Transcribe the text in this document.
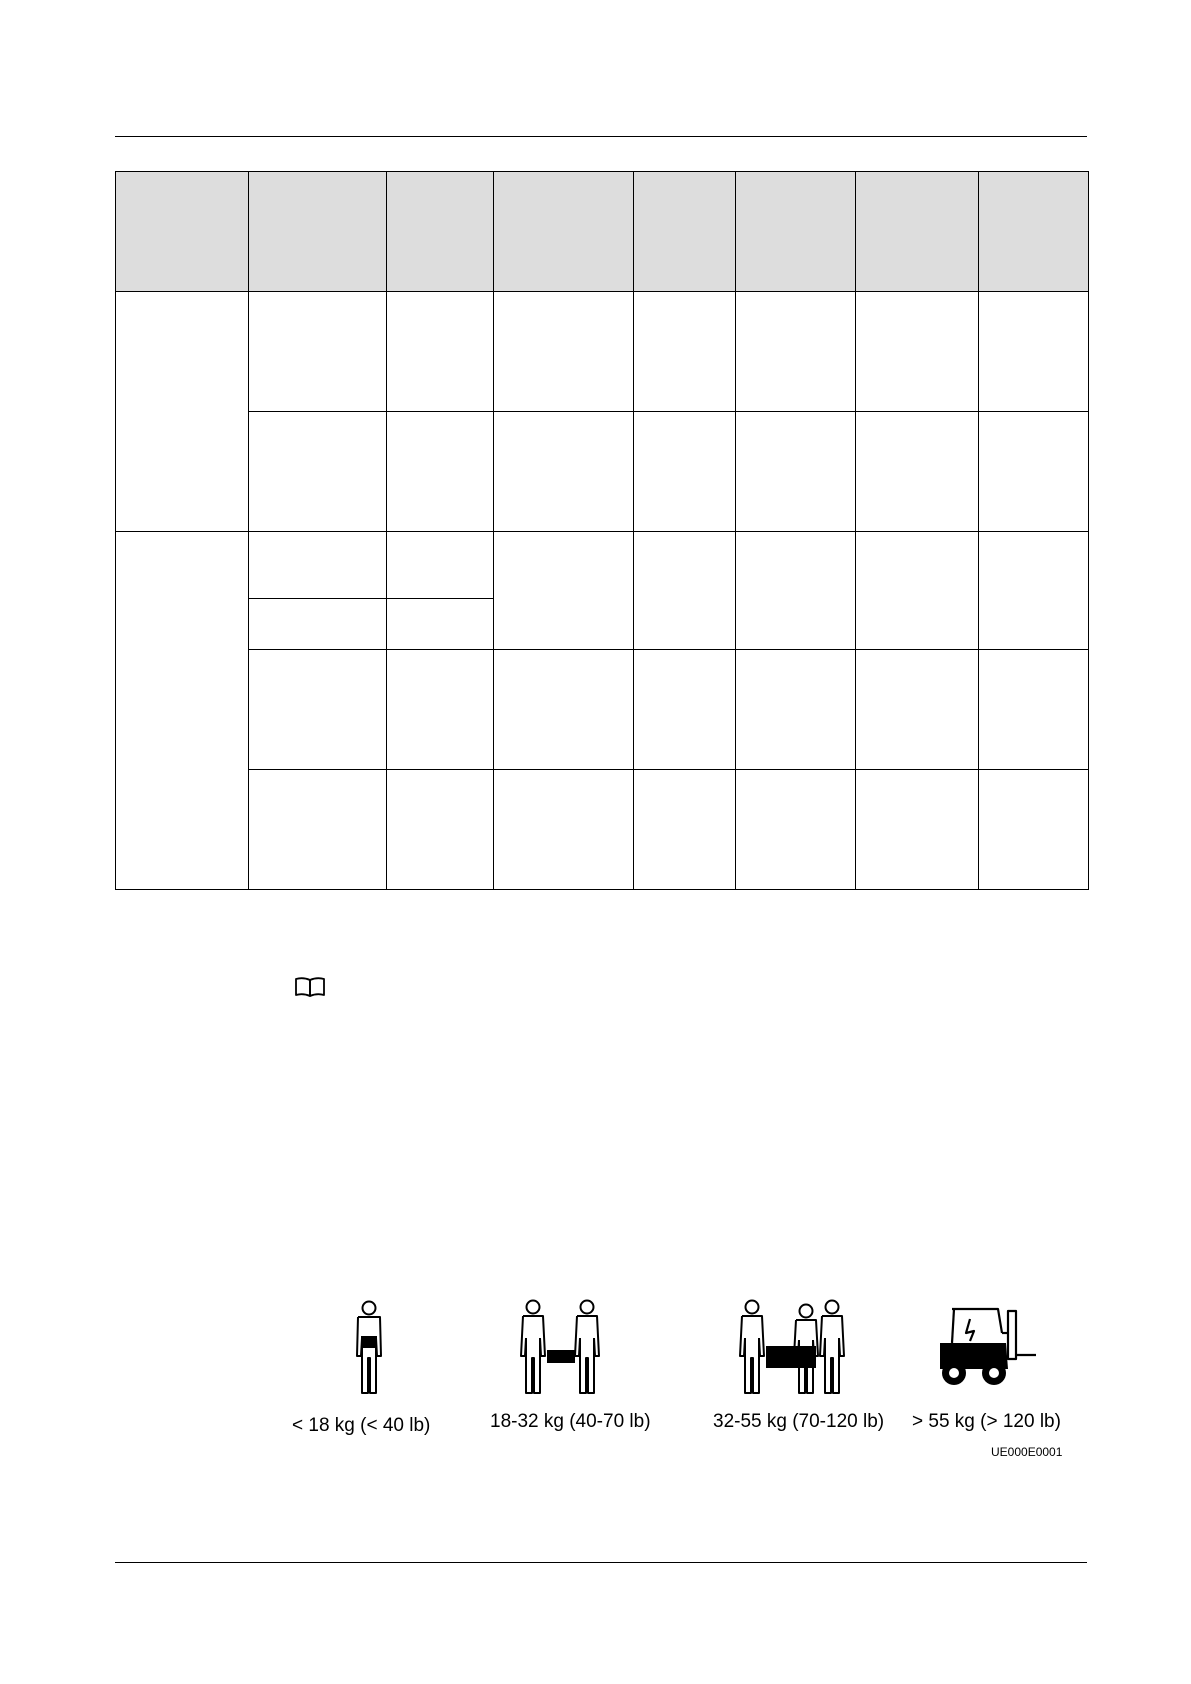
< 18 kg (< 40 lb)	18-32 kg (40-70 lb)	32-55 kg (70-120 lb) > 55 kg (> 120 lb)
UE000E0001
